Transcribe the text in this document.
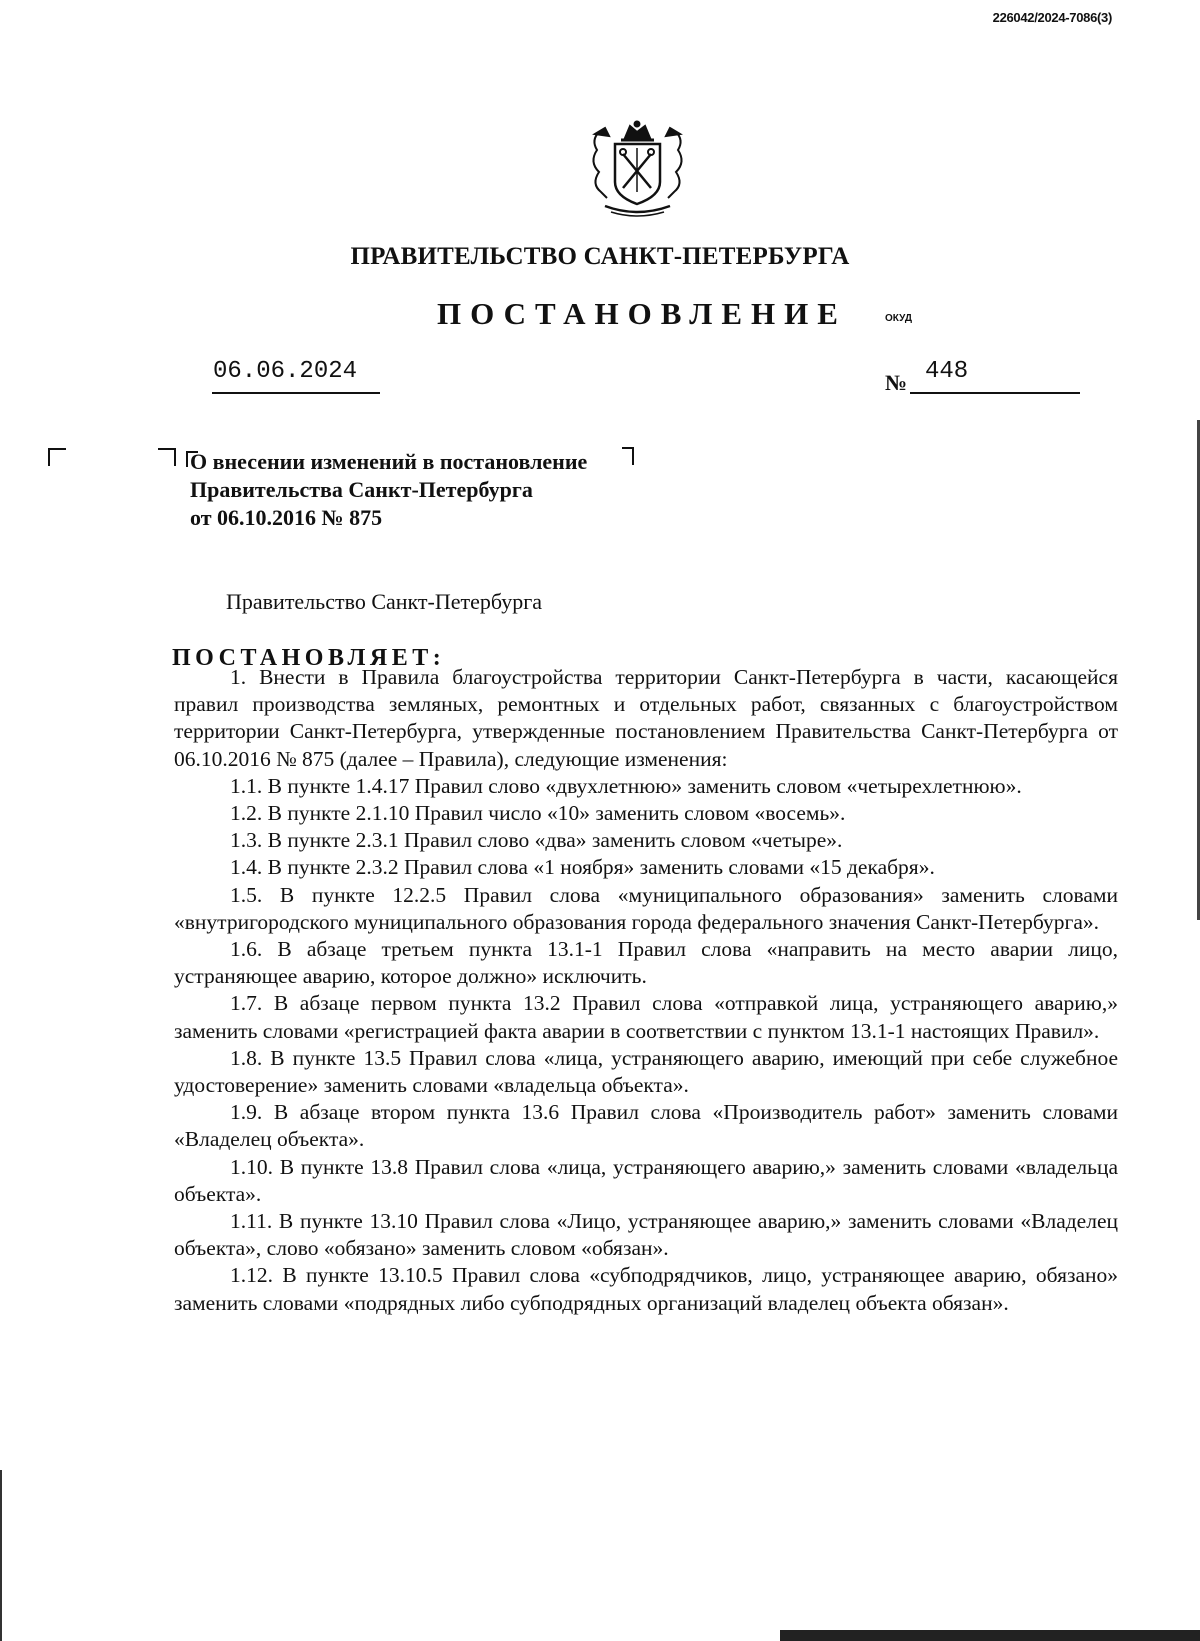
226042/2024-7086(3)
ПРАВИТЕЛЬСТВО САНКТ-ПЕТЕРБУРГА
ПОСТАНОВЛЕНИЕ	ОКУД
06.06.2024	№ 448
О внесении изменений в постановление
Правительства Санкт-Петербурга
от 06.10.2016 № 875
Правительство Санкт-Петербурга
ПОСТАНОВЛЯЕТ:

1. Внести в Правила благоустройства территории Санкт-Петербурга в части, касающейся правил производства земляных, ремонтных и отдельных работ, связанных с благоустройством территории Санкт-Петербурга, утвержденные постановлением Правительства Санкт-Петербурга от 06.10.2016 № 875 (далее – Правила), следующие изменения:

1.1. В пункте 1.4.17 Правил слово «двухлетнюю» заменить словом «четырехлетнюю».

1.2. В пункте 2.1.10 Правил число «10» заменить словом «восемь».

1.3. В пункте 2.3.1 Правил слово «два» заменить словом «четыре».

1.4. В пункте 2.3.2 Правил слова «1 ноября» заменить словами «15 декабря».

1.5. В пункте 12.2.5 Правил слова «муниципального образования» заменить словами «внутригородского муниципального образования города федерального значения Санкт-Петербурга».

1.6. В абзаце третьем пункта 13.1-1 Правил слова «направить на место аварии лицо, устраняющее аварию, которое должно» исключить.

1.7. В абзаце первом пункта 13.2 Правил слова «отправкой лица, устраняющего аварию,» заменить словами «регистрацией факта аварии в соответствии с пунктом 13.1-1 настоящих Правил».

1.8. В пункте 13.5 Правил слова «лица, устраняющего аварию, имеющий при себе служебное удостоверение» заменить словами «владельца объекта».

1.9. В абзаце втором пункта 13.6 Правил слова «Производитель работ» заменить словами «Владелец объекта».

1.10. В пункте 13.8 Правил слова «лица, устраняющего аварию,» заменить словами «владельца объекта».

1.11. В пункте 13.10 Правил слова «Лицо, устраняющее аварию,» заменить словами «Владелец объекта», слово «обязано» заменить словом «обязан».

1.12. В пункте 13.10.5 Правил слова «субподрядчиков, лицо, устраняющее аварию, обязано» заменить словами «подрядных либо субподрядных организаций владелец объекта обязан».
